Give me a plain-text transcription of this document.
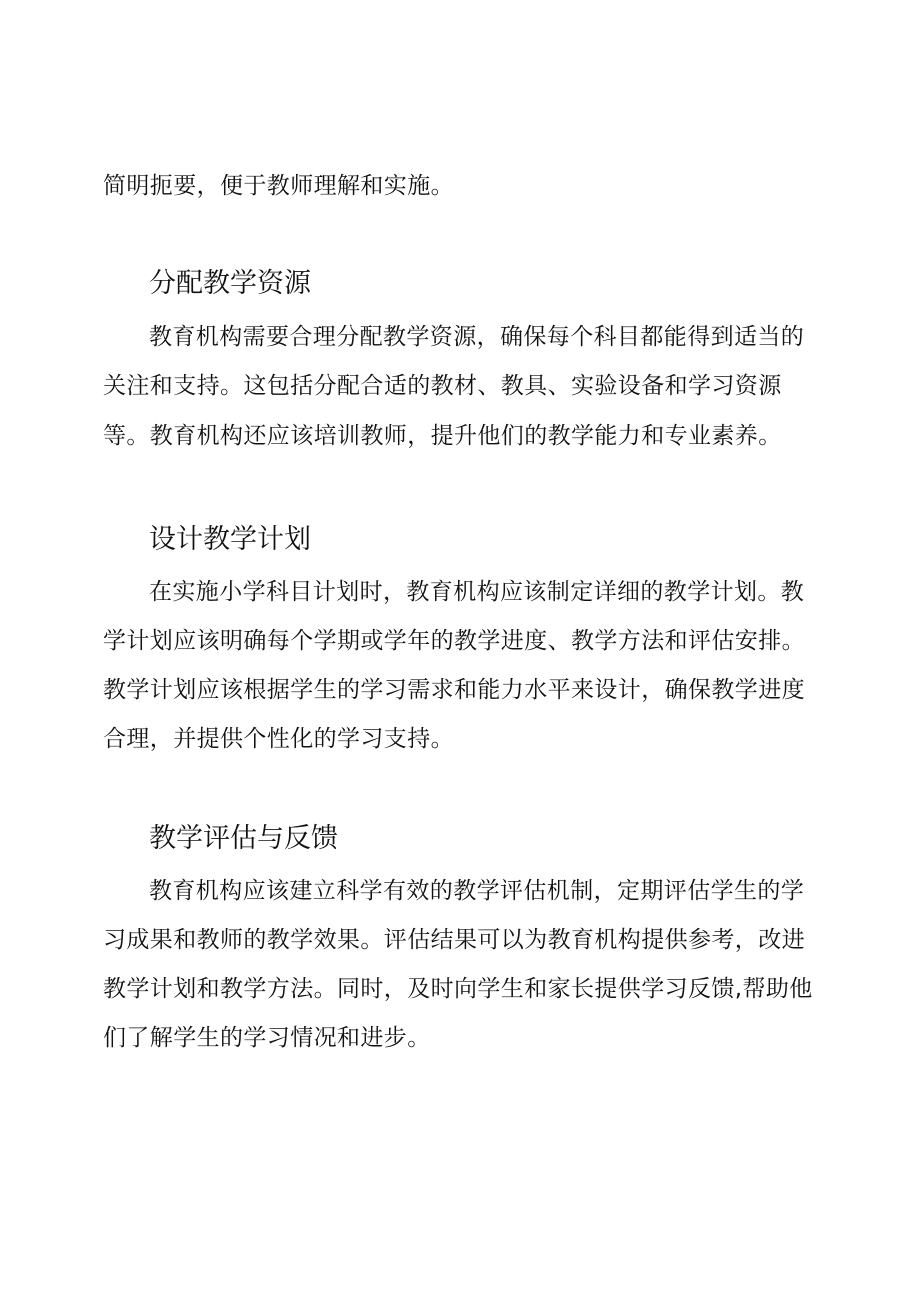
简明扼要，便于教师理解和实施。
分配教学资源
教育机构需要合理分配教学资源，确保每个科目都能得到适当的
关注和支持。这包括分配合适的教材、教具、实验设备和学习资源
等。教育机构还应该培训教师，提升他们的教学能力和专业素养。
设计教学计划
在实施小学科目计划时，教育机构应该制定详细的教学计划。教
学计划应该明确每个学期或学年的教学进度、教学方法和评估安排。
教学计划应该根据学生的学习需求和能力水平来设计，确保教学进度
合理，并提供个性化的学习支持。
教学评估与反馈
教育机构应该建立科学有效的教学评估机制，定期评估学生的学
习成果和教师的教学效果。评估结果可以为教育机构提供参考，改进
教学计划和教学方法。同时，及时向学生和家长提供学习反馈,帮助他
们了解学生的学习情况和进步。
